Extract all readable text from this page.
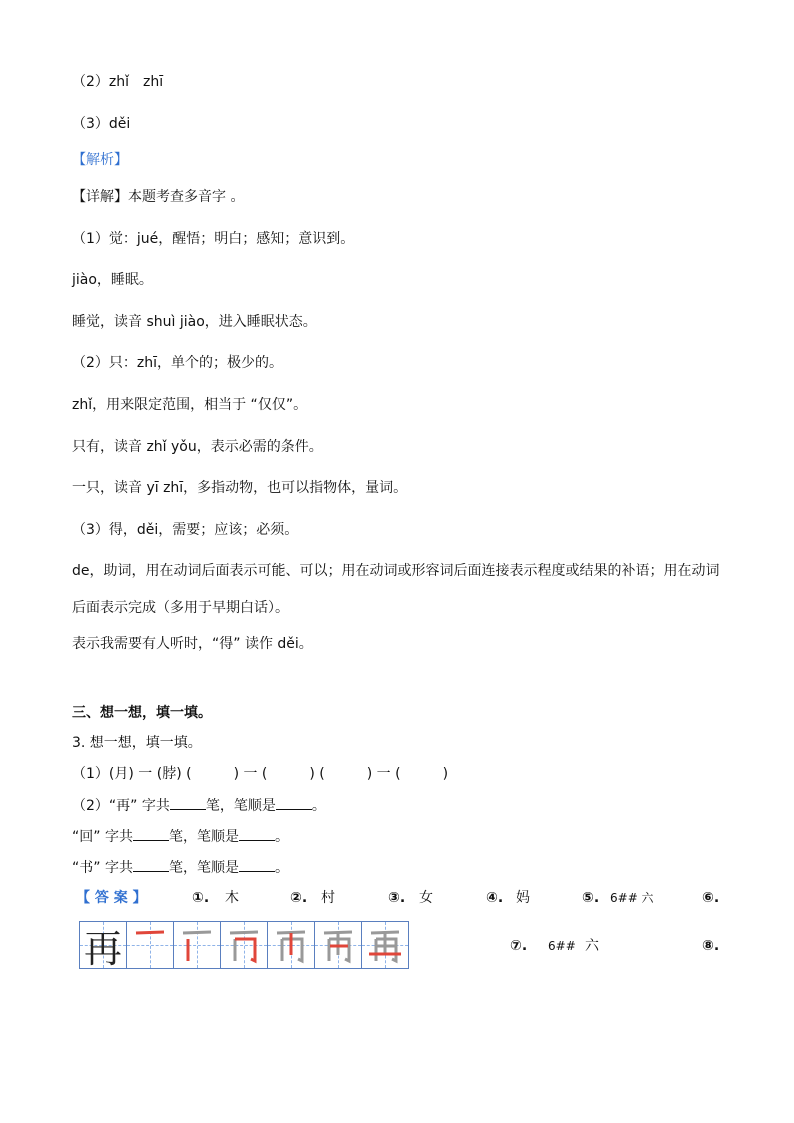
（2）zhǐ　zhī
（3）děi
【解析】
【详解】本题考查多音字 。
（1）觉：jué，醒悟；明白；感知；意识到。
jiào，睡眠。
睡觉，读音 shuì jiào，进入睡眠状态。
（2）只：zhī，单个的；极少的。
zhǐ，用来限定范围，相当于 “仅仅”。
只有，读音 zhǐ yǒu，表示必需的条件。
一只，读音 yī zhī，多指动物，也可以指物体，量词。
（3）得，děi，需要；应该；必须。
de，助词，用在动词后面表示可能、可以；用在动词或形容词后面连接表示程度或结果的补语；用在动词
后面表示完成（多用于早期白话）。
表示我需要有人听时，“得” 读作 děi。
三、想一想，填一填。
3. 想一想，填一填。
（1）(月) 一 (脖) (　　　) 一 (　　　) (　　　) 一 (　　　)
（2）“再” 字共	笔，笔顺是	。
“回” 字共	笔，笔顺是	。
“书” 字共	笔，笔顺是	。
【 答 案 】	①. 木	②. 村	③. 女	④. 妈	⑤. 6## 六	⑥.
⑦. 6## 六	⑧.
再
